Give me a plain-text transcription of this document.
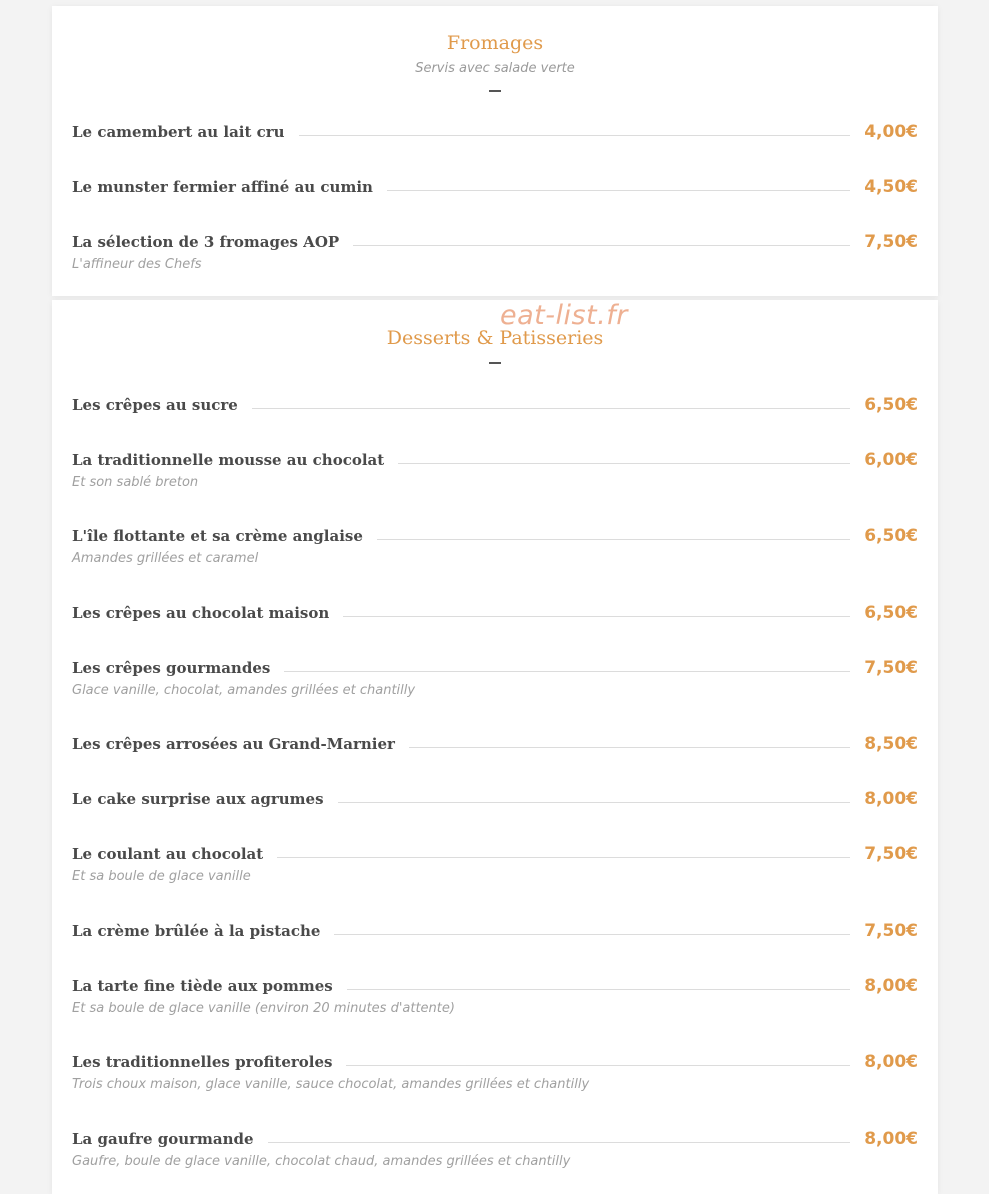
Fromages
Servis avec salade verte
Le camembert au lait cru	4,00€
Le munster fermier affiné au cumin	4,50€
La sélection de 3 fromages AOP	7,50€
L'affineur des Chefs
Desserts & Patisseries
Les crêpes au sucre	6,50€
La traditionnelle mousse au chocolat	6,00€
Et son sablé breton
L'île flottante et sa crème anglaise	6,50€
Amandes grillées et caramel
Les crêpes au chocolat maison	6,50€
Les crêpes gourmandes	7,50€
Glace vanille, chocolat, amandes grillées et chantilly
Les crêpes arrosées au Grand-Marnier	8,50€
Le cake surprise aux agrumes	8,00€
Le coulant au chocolat	7,50€
Et sa boule de glace vanille
La crème brûlée à la pistache	7,50€
La tarte fine tiède aux pommes	8,00€
Et sa boule de glace vanille (environ 20 minutes d'attente)
Les traditionnelles profiteroles	8,00€
Trois choux maison, glace vanille, sauce chocolat, amandes grillées et chantilly
La gaufre gourmande	8,00€
Gaufre, boule de glace vanille, chocolat chaud, amandes grillées et chantilly
eat-list.fr
